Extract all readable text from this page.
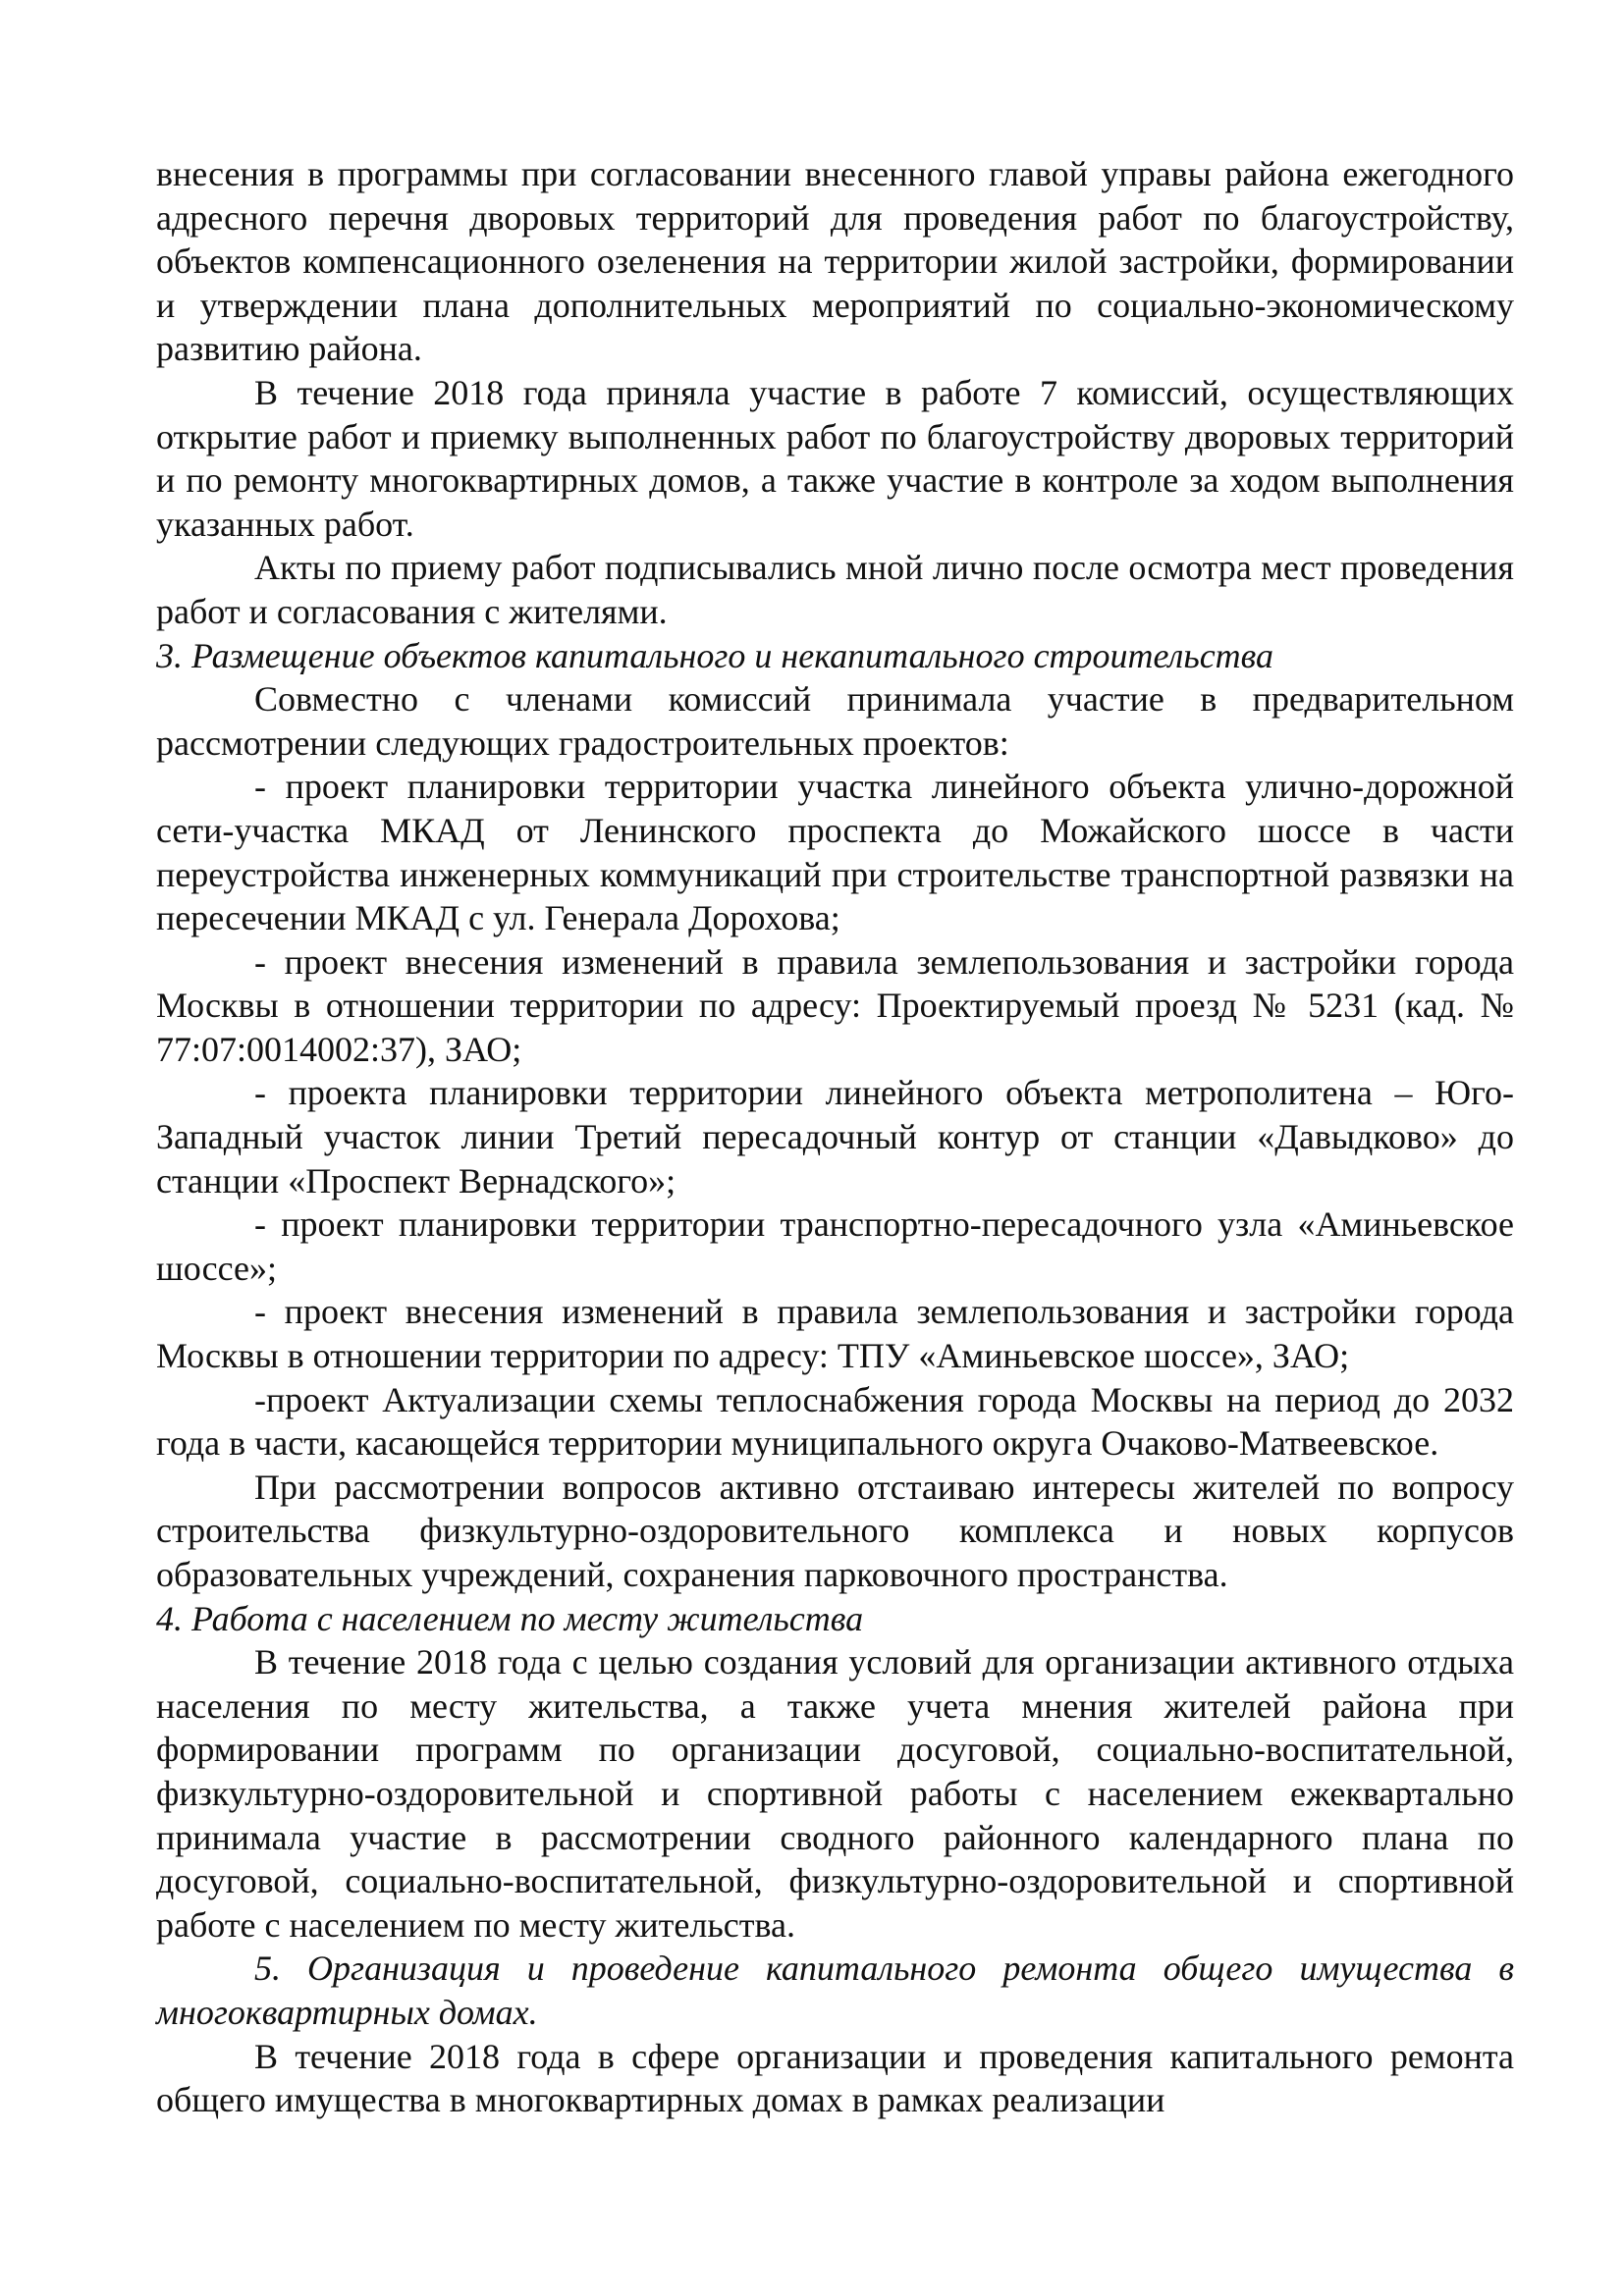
внесения в программы при согласовании внесенного главой управы района ежегодного адресного перечня дворовых территорий для проведения работ по благоустройству, объектов компенсационного озеленения на территории жилой застройки, формировании и утверждении плана дополнительных мероприятий по социально-экономическому развитию района.

В течение 2018 года приняла участие в работе 7 комиссий, осуществляющих открытие работ и приемку выполненных работ по благоустройству дворовых территорий и по ремонту многоквартирных домов, а также участие в контроле за ходом выполнения указанных работ.

Акты по приему работ подписывались мной лично после осмотра мест проведения работ и согласования с жителями.

3. Размещение объектов капитального и некапитального строительства

Совместно с членами комиссий принимала участие в предварительном рассмотрении следующих градостроительных проектов:

- проект планировки территории участка линейного объекта улично-дорожной сети-участка МКАД от Ленинского проспекта до Можайского шоссе в части переустройства инженерных коммуникаций при строительстве транспортной развязки на пересечении МКАД с ул. Генерала Дорохова;

- проект внесения изменений в правила землепользования и застройки города Москвы в отношении территории по адресу: Проектируемый проезд № 5231 (кад. № 77:07:0014002:37), ЗАО;

- проекта планировки территории линейного объекта метрополитена – Юго-Западный участок линии Третий пересадочный контур от станции «Давыдково» до станции «Проспект Вернадского»;

- проект планировки территории транспортно-пересадочного узла «Аминьевское шоссе»;

- проект внесения изменений в правила землепользования и застройки города Москвы в отношении территории по адресу: ТПУ «Аминьевское шоссе», ЗАО;

-проект Актуализации схемы теплоснабжения города Москвы на период до 2032 года в части, касающейся территории муниципального округа Очаково-Матвеевское.

При рассмотрении вопросов активно отстаиваю интересы жителей по вопросу строительства физкультурно-оздоровительного комплекса и новых корпусов образовательных учреждений, сохранения парковочного пространства.

4. Работа с населением по месту жительства

В течение 2018 года с целью создания условий для организации активного отдыха населения по месту жительства, а также учета мнения жителей района при формировании программ по организации досуговой, социально-воспитательной, физкультурно-оздоровительной и спортивной работы с населением ежеквартально принимала участие в рассмотрении сводного районного календарного плана по досуговой, социально-воспитательной, физкультурно-оздоровительной и спортивной работе с населением по месту жительства.

5. Организация и проведение капитального ремонта общего имущества в многоквартирных домах.

В течение 2018 года в сфере организации и проведения капитального ремонта общего имущества в многоквартирных домах в рамках реализации
